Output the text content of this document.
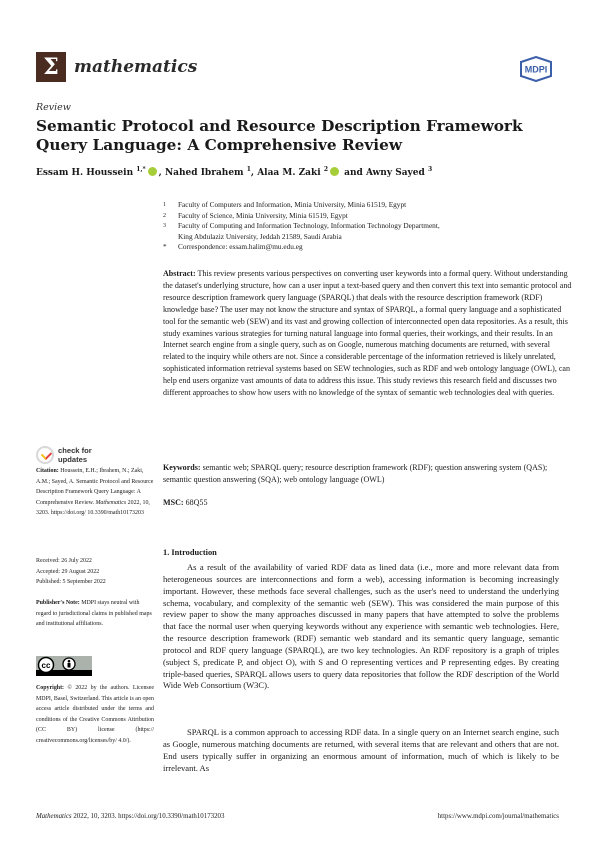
Σ mathematics	MDPI
Review
Semantic Protocol and Resource Description Framework Query Language: A Comprehensive Review
Essam H. Houssein $^{1,*}$ , Nahed Ibrahem $^1$, Alaa M. Zaki $^2$ and Awny Sayed $^3$
1	Faculty of Computers and Information, Minia University, Minia 61519, Egypt
2	Faculty of Science, Minia University, Minia 61519, Egypt
3	Faculty of Computing and Information Technology, Information Technology Department,
King Abdulaziz University, Jeddah 21589, Saudi Arabia
*	Correspondence: essam.halim@mu.edu.eg
Abstract: This review presents various perspectives on converting user keywords into a formal query. Without understanding the dataset's underlying structure, how can a user input a text-based query and then convert this text into semantic protocol and resource description framework query language (SPARQL) that deals with the resource description framework (RDF) knowledge base? The user may not know the structure and syntax of SPARQL, a formal query language and a sophisticated tool for the semantic web (SEW) and its vast and growing collection of interconnected open data repositories. As a result, this study examines various strategies for turning natural language into formal queries, their workings, and their results. In an Internet search engine from a single query, such as on Google, numerous matching documents are returned, with several related to the inquiry while others are not. Since a considerable percentage of the information retrieved is likely unrelated, sophisticated information retrieval systems based on SEW technologies, such as RDF and web ontology language (OWL), can help end users organize vast amounts of data to address this issue. This study reviews this research field and discusses two different approaches to show how users with no knowledge of the syntax of semantic web technologies deal with queries.
Keywords: semantic web; SPARQL query; resource description framework (RDF); question answering system (QAS); semantic question answering (SQA); web ontology language (OWL)
MSC: 68Q55
check for
updates
Citation: Houssein, E.H.; Ibrahem, N.; Zaki, A.M.; Sayed, A. Semantic Protocol and Resource Description Framework Query Language: A Comprehensive Review. Mathematics 2022, 10, 3203. https://doi.org/ 10.3390/math10173203
Received: 26 July 2022
Accepted: 29 August 2022
Published: 5 September 2022
Publisher's Note: MDPI stays neutral with regard to jurisdictional claims in published maps and institutional affiliations.
cc
Copyright: © 2022 by the authors. Licensee MDPI, Basel, Switzerland. This article is an open access article distributed under the terms and conditions of the Creative Commons Attribution (CC BY) license (https:// creativecommons.org/licenses/by/ 4.0/).
1. Introduction
As a result of the availability of varied RDF data as lined data (i.e., more and more relevant data from heterogeneous sources are interconnections and form a web), accessing information is becoming increasingly important. However, these methods face several challenges, such as the user's need to understand the underlying schema, vocabulary, and complexity of the semantic web (SEW). This was considered the main purpose of this review paper to show the many approaches discussed in many papers that have attempted to solve the problems that face the normal user when querying keywords without any experience with semantic web technologies. Here, the resource description framework (RDF) semantic web standard and its semantic query language, semantic protocol and RDF query language (SPARQL), are two key technologies. An RDF repository is a graph of triples (subject S, predicate P, and object O), with S and O representing vertices and P representing edges. By creating triple-based queries, SPARQL allows users to query data repositories that follow the RDF description of the World Wide Web Consortium (W3C).
SPARQL is a common approach to accessing RDF data. In a single query on an Internet search engine, such as Google, numerous matching documents are returned, with several items that are relevant and others that are not. End users typically suffer in organizing an enormous amount of information, much of which is likely to be irrelevant. As
Mathematics 2022, 10, 3203. https://doi.org/10.3390/math10173203	https://www.mdpi.com/journal/mathematics
